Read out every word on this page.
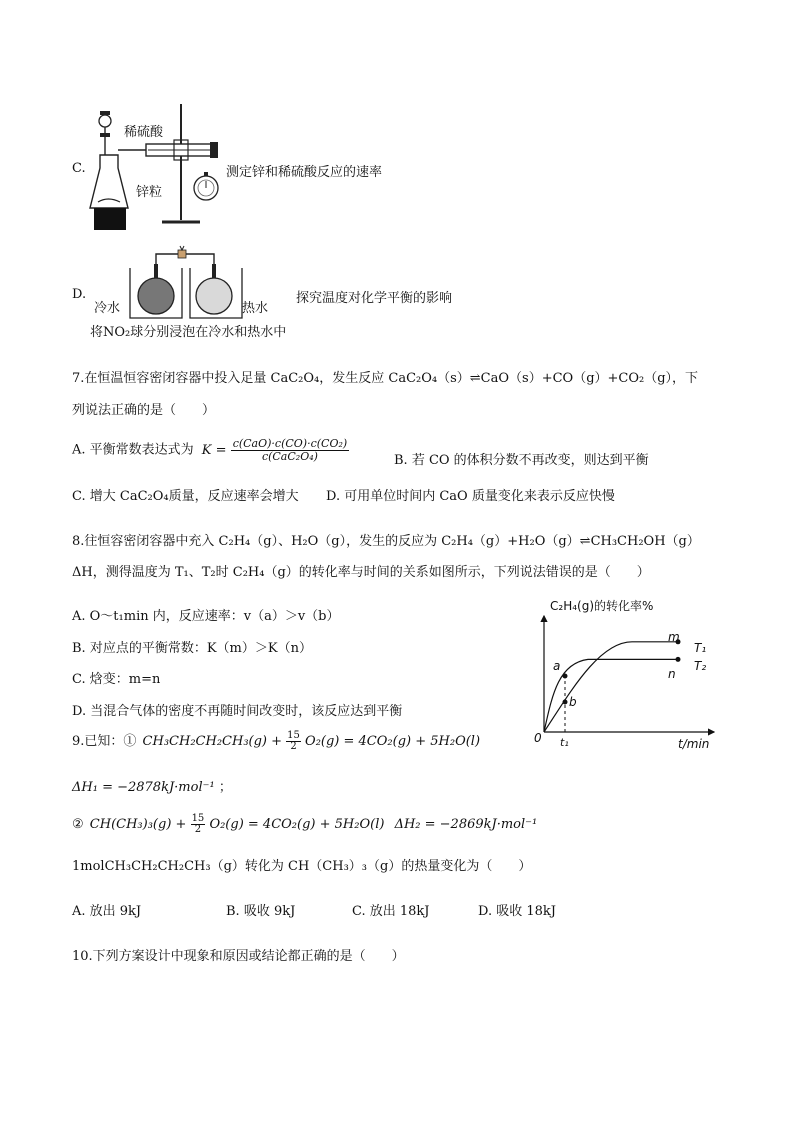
C.
稀硫酸
锌粒
测定锌和稀硫酸反应的速率
D.
冷水	热水
将NO₂球分别浸泡在冷水和热水中
探究温度对化学平衡的影响
7.在恒温恒容密闭容器中投入足量 CaC₂O₄，发生反应 CaC₂O₄（s）⇌CaO（s）+CO（g）+CO₂（g），下
列说法正确的是（　　）
A. 平衡常数表达式为 $K = \frac{\text{c(CaO)·c(CO)·c(CO₂)}}{\text{c(CaC₂O₄)}}$	B. 若 CO 的体积分数不再改变，则达到平衡
C. 增大 CaC₂O₄质量，反应速率会增大 D. 可用单位时间内 CaO 质量变化来表示反应快慢
8.往恒容密闭容器中充入 C₂H₄（g）、H₂O（g），发生的反应为 C₂H₄（g）+H₂O（g）⇌CH₃CH₂OH（g）
ΔH，测得温度为 T₁、T₂时 C₂H₄（g）的转化率与时间的关系如图所示，下列说法错误的是（　　）
A. O～t₁min 内，反应速率：v（a）＞v（b）
B. 对应点的平衡常数：K（m）＞K（n）
C. 焓变：m=n
D. 当混合气体的密度不再随时间改变时，该反应达到平衡
C₂H₄(g)的转化率%
t/min
0 t₁
m
n
a
b
T₁
T₂
9.已知：① $CH_3CH_2CH_2CH_3(g) + \frac{15}{2} O_2(g) = 4CO_2(g) + 5H_2O(l)$
ΔH₁ = −2878kJ·mol⁻¹ ；
② $CH(CH_3)_3(g) + \frac{15}{2} O_2(g) = 4CO_2(g) + 5H_2O(l) \Delta H_2 = -2869kJ\cdot mol^{-1}$
1molCH₃CH₂CH₂CH₃（g）转化为 CH（CH₃）₃（g）的热量变化为（　　）
A. 放出 9kJ	B. 吸收 9kJ	C. 放出 18kJ	D. 吸收 18kJ
10.下列方案设计中现象和原因或结论都正确的是（　　）
